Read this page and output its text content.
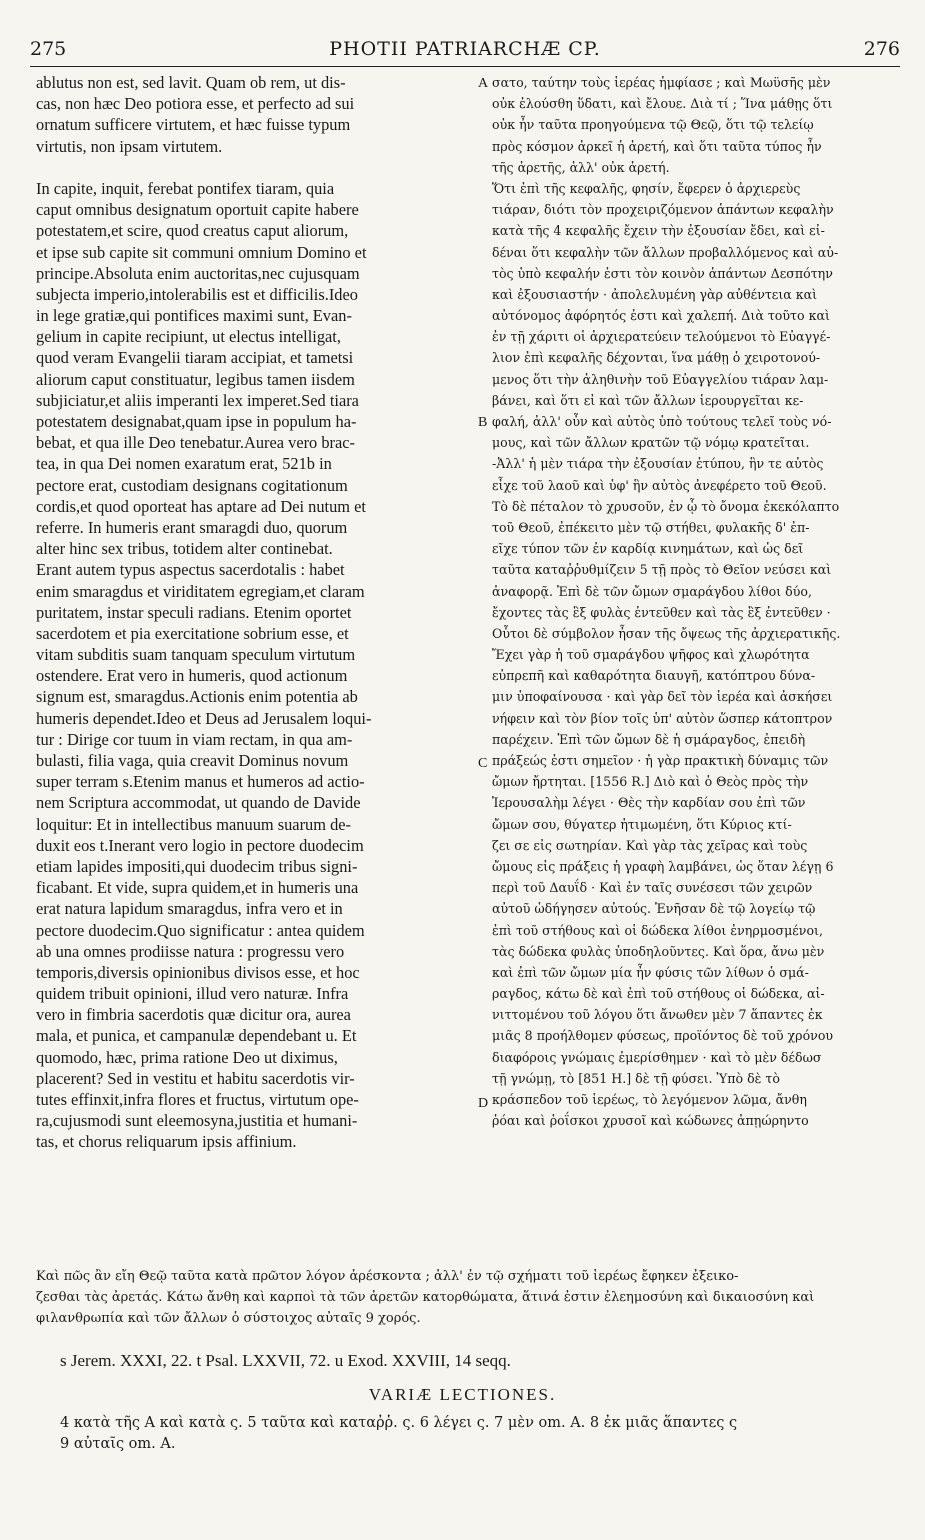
275	PHOTII PATRIARCHÆ CP.	276
ablutus non est, sed lavit. Quam ob rem, ut dis-
cas, non hæc Deo potiora esse, et perfecto ad sui
ornatum sufficere virtutem, et hæc fuisse typum
virtutis, non ipsam virtutem.
In capite, inquit, ferebat pontifex tiaram, quia
caput omnibus designatum oportuit capite habere
potestatem,et scire, quod creatus caput aliorum,
et ipse sub capite sit communi omnium Domino et
principe.Absoluta enim auctoritas,nec cujusquam
subjecta imperio,intolerabilis est et difficilis.Ideo
in lege gratiæ,qui pontifices maximi sunt, Evan-
gelium in capite recipiunt, ut electus intelligat,
quod veram Evangelii tiaram accipiat, et tametsi
aliorum caput constituatur, legibus tamen iisdem
subjiciatur,et aliis imperanti lex imperet.Sed tiara
potestatem designabat,quam ipse in populum ha-
bebat, et qua ille Deo tenebatur.Aurea vero brac-
tea, in qua Dei nomen exaratum erat, 521b in
pectore erat, custodiam designans cogitationum
cordis,et quod oporteat has aptare ad Dei nutum et
referre. In humeris erant smaragdi duo, quorum
alter hinc sex tribus, totidem alter continebat.
Erant autem typus aspectus sacerdotalis : habet
enim smaragdus et viriditatem egregiam,et claram
puritatem, instar speculi radians. Etenim oportet
sacerdotem et pia exercitatione sobrium esse, et
vitam subditis suam tanquam speculum virtutum
ostendere. Erat vero in humeris, quod actionum
signum est, smaragdus.Actionis enim potentia ab
humeris dependet.Ideo et Deus ad Jerusalem loqui-
tur : Dirige cor tuum in viam rectam, in qua am-
bulasti, filia vaga, quia creavit Dominus novum
super terram s.Etenim manus et humeros ad actio-
nem Scriptura accommodat, ut quando de Davide
loquitur: Et in intellectibus manuum suarum de-
duxit eos t.Inerant vero logio in pectore duodecim
etiam lapides impositi,qui duodecim tribus signi-
ficabant. Et vide, supra quidem,et in humeris una
erat natura lapidum smaragdus, infra vero et in
pectore duodecim.Quo significatur : antea quidem
ab una omnes prodiisse natura : progressu vero
temporis,diversis opinionibus divisos esse, et hoc
quidem tribuit opinioni, illud vero naturæ. Infra
vero in fimbria sacerdotis quæ dicitur ora, aurea
mala, et punica, et campanulæ dependebant u. Et
quomodo, hæc, prima ratione Deo ut diximus,
placerent? Sed in vestitu et habitu sacerdotis vir-
tutes effinxit,infra flores et fructus, virtutum ope-
ra,cujusmodi sunt eleemosyna,justitia et humani-
tas, et chorus reliquarum ipsis affinium.
σατο, ταύτην τοὺς ἱερέας ἡμφίασε ; καὶ Μωϋσῆς μὲν
οὐκ ἐλούσθη ὕδατι, καὶ ἔλουε. Διὰ τί ; Ἵνα μάθῃς ὅτι
οὐκ ἦν ταῦτα προηγούμενα τῷ Θεῷ, ὅτι τῷ τελείῳ
πρὸς κόσμον ἀρκεῖ ἡ ἀρετή, καὶ ὅτι ταῦτα τύπος ἦν
τῆς ἀρετῆς, ἀλλ' οὐκ ἀρετή.
Ὅτι ἐπὶ τῆς κεφαλῆς, φησίν, ἔφερεν ὁ ἀρχιερεὺς
τιάραν, διότι τὸν προχειριζόμενον ἁπάντων κεφαλὴν
κατὰ τῆς 4 κεφαλῆς ἔχειν τὴν ἐξουσίαν ἔδει, καὶ εἰ-
δέναι ὅτι κεφαλὴν τῶν ἄλλων προβαλλόμενος καὶ αὐ-
τὸς ὑπὸ κεφαλήν ἐστι τὸν κοινὸν ἁπάντων Δεσπότην
καὶ ἐξουσιαστήν · ἀπολελυμένη γὰρ αὐθέντεια καὶ
αὐτόνομος ἀφόρητός ἐστι καὶ χαλεπή. Διὰ τοῦτο καὶ
ἐν τῇ χάριτι οἱ ἀρχιερατεύειν τελούμενοι τὸ Εὐαγγέ-
λιον ἐπὶ κεφαλῆς δέχονται, ἵνα μάθῃ ὁ χειροτονού-
μενος ὅτι τὴν ἀληθινὴν τοῦ Εὐαγγελίου τιάραν λαμ-
βάνει, καὶ ὅτι εἰ καὶ τῶν ἄλλων ἱερουργεῖται κε-
φαλή, ἀλλ' οὖν καὶ αὐτὸς ὑπὸ τούτους τελεῖ τοὺς νό-
μους, καὶ τῶν ἄλλων κρατῶν τῷ νόμῳ κρατεῖται.
-Ἀλλ' ἡ μὲν τιάρα τὴν ἐξουσίαν ἐτύπου, ἣν τε αὐτὸς
εἶχε τοῦ λαοῦ καὶ ὑφ' ἣν αὐτὸς ἀνεφέρετο τοῦ Θεοῦ.
Τὸ δὲ πέταλον τὸ χρυσοῦν, ἐν ᾧ τὸ ὄνομα ἐκεκόλαπτο
τοῦ Θεοῦ, ἐπέκειτο μὲν τῷ στήθει, φυλακῆς δ' ἐπ-
εῖχε τύπον τῶν ἐν καρδίᾳ κινημάτων, καὶ ὡς δεῖ
ταῦτα καταῤῥυθμίζειν 5 τῇ πρὸς τὸ Θεῖον νεύσει καὶ
ἀναφορᾷ. Ἐπὶ δὲ τῶν ὤμων σμαράγδου λίθοι δύο,
ἔχοντες τὰς ἓξ φυλὰς ἐντεῦθεν καὶ τὰς ἓξ ἐντεῦθεν ·
Οὗτοι δὲ σύμβολον ἦσαν τῆς ὄψεως τῆς ἀρχιερατικῆς.
Ἔχει γὰρ ἡ τοῦ σμαράγδου ψῆφος καὶ χλωρότητα
εὐπρεπῆ καὶ καθαρότητα διαυγῆ, κατόπτρου δύνα-
μιν ὑποφαίνουσα · καὶ γὰρ δεῖ τὸν ἱερέα καὶ ἀσκήσει
νήφειν καὶ τὸν βίον τοῖς ὑπ' αὐτὸν ὥσπερ κάτοπτρον
παρέχειν. Ἐπὶ τῶν ὤμων δὲ ἡ σμάραγδος, ἐπειδὴ
πράξεώς ἐστι σημεῖον · ἡ γὰρ πρακτικὴ δύναμις τῶν
ὤμων ἤρτηται. [1556 R.] Διὸ καὶ ὁ Θεὸς πρὸς τὴν
Ἱερουσαλὴμ λέγει · Θὲς τὴν καρδίαν σου ἐπὶ τῶν
ὤμων σου, θύγατερ ἠτιμωμένη, ὅτι Κύριος κτί-
ζει σε εἰς σωτηρίαν. Καὶ γὰρ τὰς χεῖρας καὶ τοὺς
ὤμους εἰς πράξεις ἡ γραφὴ λαμβάνει, ὡς ὅταν λέγῃ 6
περὶ τοῦ Δαυΐδ · Καὶ ἐν ταῖς συνέσεσι τῶν χειρῶν
αὐτοῦ ὡδήγησεν αὐτούς. Ἐνῆσαν δὲ τῷ λογείῳ τῷ
ἐπὶ τοῦ στήθους καὶ οἱ δώδεκα λίθοι ἐνηρμοσμένοι,
τὰς δώδεκα φυλὰς ὑποδηλοῦντες. Καὶ ὅρα, ἄνω μὲν
καὶ ἐπὶ τῶν ὤμων μία ἦν φύσις τῶν λίθων ὁ σμά-
ραγδος, κάτω δὲ καὶ ἐπὶ τοῦ στήθους οἱ δώδεκα, αἰ-
νιττομένου τοῦ λόγου ὅτι ἄνωθεν μὲν 7 ἅπαντες ἐκ
μιᾶς 8 προήλθομεν φύσεως, προϊόντος δὲ τοῦ χρόνου
διαφόροις γνώμαις ἐμερίσθημεν · καὶ τὸ μὲν δέδωσ
τῇ γνώμῃ, τὸ [851 H.] δὲ τῇ φύσει. Ὑπὸ δὲ τὸ
κράσπεδον τοῦ ἱερέως, τὸ λεγόμενον λῶμα, ἄνθη
ῥόαι καὶ ῥοΐσκοι χρυσοῖ καὶ κώδωνες ἀπῃώρηντο
A
B
C
D
Καὶ πῶς ἂν εἴη Θεῷ ταῦτα κατὰ πρῶτον λόγον ἀρέσκοντα ; ἀλλ' ἐν τῷ σχήματι τοῦ ἱερέως ἔφηκεν ἐξεικο-
ζεσθαι τὰς ἀρετάς. Κάτω ἄνθη καὶ καρποὶ τὰ τῶν ἀρετῶν κατορθώματα, ἅτινά ἐστιν ἐλεημοσύνη καὶ δικαιοσύνη καὶ
φιλανθρωπία καὶ τῶν ἄλλων ὁ σύστοιχος αὐταῖς 9 χορός.
s Jerem. XXXI, 22. t Psal. LXXVII, 72. u Exod. XXVIII, 14 seqq.
VARIÆ LECTIONES.
4 κατὰ τῆς A καὶ κατὰ ς. 5 ταῦτα καὶ καταῤῥ. ς. 6 λέγει ς. 7 μὲν om. A. 8 ἐκ μιᾶς ἅπαντες ς
9 αὐταῖς om. A.
